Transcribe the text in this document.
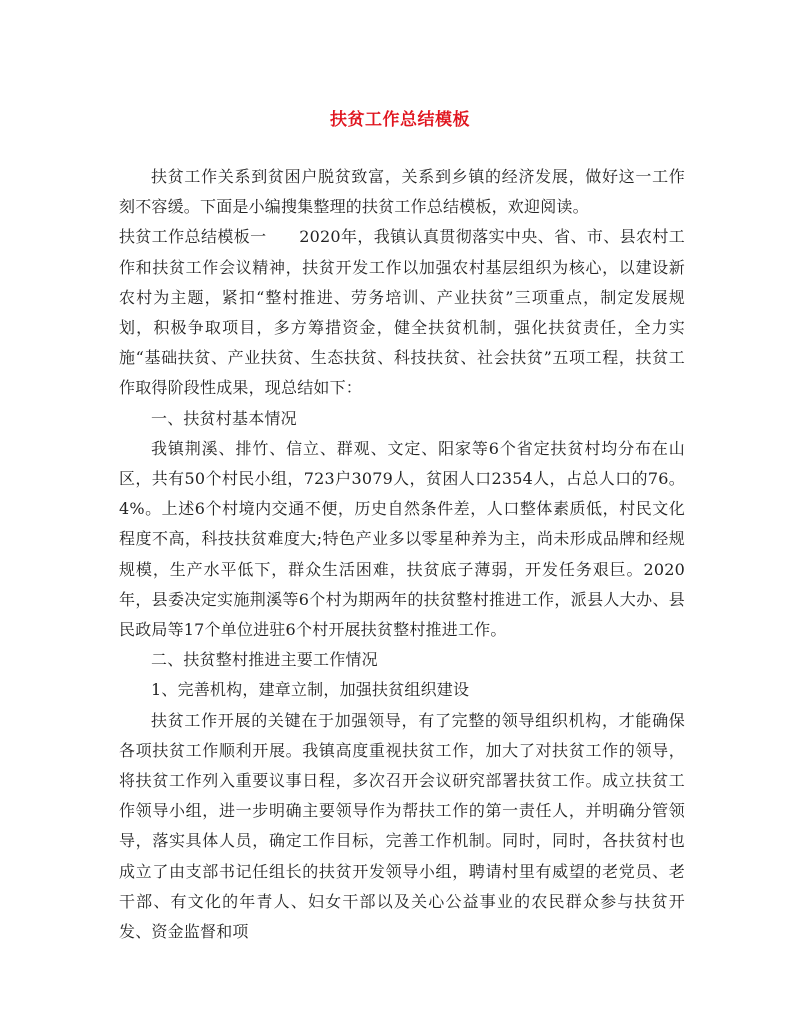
扶贫工作总结模板

扶贫工作关系到贫困户脱贫致富，关系到乡镇的经济发展，做好这一工作刻不容缓。下面是小编搜集整理的扶贫工作总结模板，欢迎阅读。

扶贫工作总结模板一　　2020年，我镇认真贯彻落实中央、省、市、县农村工作和扶贫工作会议精神，扶贫开发工作以加强农村基层组织为核心，以建设新农村为主题，紧扣“整村推进、劳务培训、产业扶贫”三项重点，制定发展规划，积极争取项目，多方筹措资金，健全扶贫机制，强化扶贫责任，全力实施“基础扶贫、产业扶贫、生态扶贫、科技扶贫、社会扶贫”五项工程，扶贫工作取得阶段性成果，现总结如下：

一、扶贫村基本情况

我镇荆溪、排竹、信立、群观、文定、阳家等6个省定扶贫村均分布在山区，共有50个村民小组，723户3079人，贫困人口2354人，占总人口的76。4%。上述6个村境内交通不便，历史自然条件差，人口整体素质低，村民文化程度不高，科技扶贫难度大;特色产业多以零星种养为主，尚未形成品牌和经规规模，生产水平低下，群众生活困难，扶贫底子薄弱，开发任务艰巨。2020年，县委决定实施荆溪等6个村为期两年的扶贫整村推进工作，派县人大办、县民政局等17个单位进驻6个村开展扶贫整村推进工作。

二、扶贫整村推进主要工作情况

1、完善机构，建章立制，加强扶贫组织建设

扶贫工作开展的关键在于加强领导，有了完整的领导组织机构，才能确保各项扶贫工作顺利开展。我镇高度重视扶贫工作，加大了对扶贫工作的领导，将扶贫工作列入重要议事日程，多次召开会议研究部署扶贫工作。成立扶贫工作领导小组，进一步明确主要领导作为帮扶工作的第一责任人，并明确分管领导，落实具体人员，确定工作目标，完善工作机制。同时，同时，各扶贫村也成立了由支部书记任组长的扶贫开发领导小组，聘请村里有威望的老党员、老干部、有文化的年青人、妇女干部以及关心公益事业的农民群众参与扶贫开发、资金监督和项
